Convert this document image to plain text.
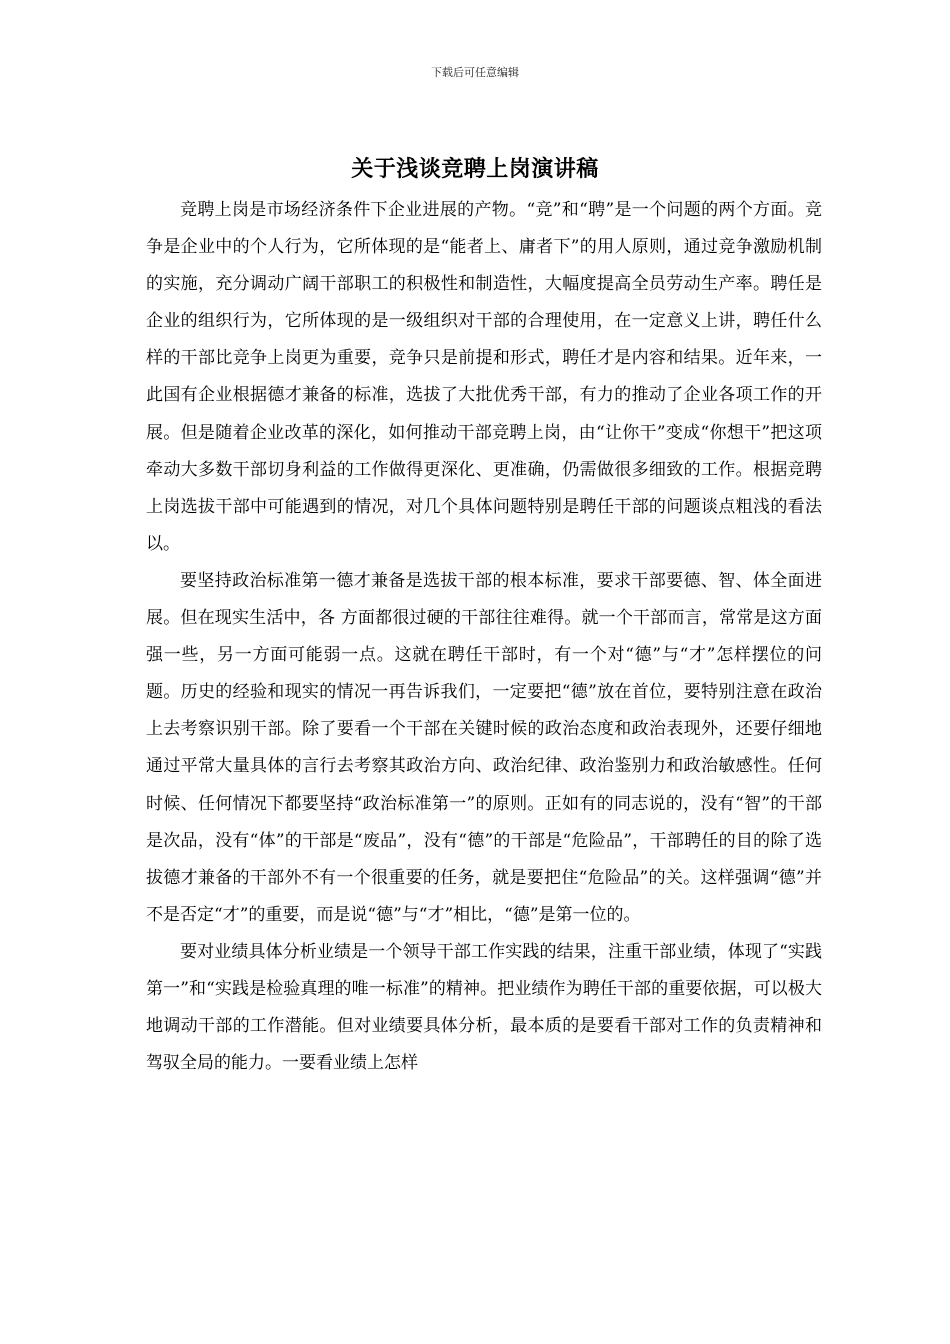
下载后可任意编辑
关于浅谈竞聘上岗演讲稿

竞聘上岗是市场经济条件下企业进展的产物。“竞”和“聘”是一个问题的两个方面。竞争是企业中的个人行为，它所体现的是“能者上、庸者下”的用人原则，通过竞争激励机制的实施，充分调动广阔干部职工的积极性和制造性，大幅度提高全员劳动生产率。聘任是企业的组织行为，它所体现的是一级组织对干部的合理使用，在一定意义上讲，聘任什么样的干部比竞争上岗更为重要，竞争只是前提和形式，聘任才是内容和结果。近年来，一此国有企业根据德才兼备的标准，选拔了大批优秀干部，有力的推动了企业各项工作的开展。但是随着企业改革的深化，如何推动干部竞聘上岗，由“让你干”变成“你想干”把这项牵动大多数干部切身利益的工作做得更深化、更准确，仍需做很多细致的工作。根据竞聘上岗选拔干部中可能遇到的情况，对几个具体问题特别是聘任干部的问题谈点粗浅的看法以。

要坚持政治标准第一德才兼备是选拔干部的根本标准，要求干部要德、智、体全面进展。但在现实生活中，各 方面都很过硬的干部往往难得。就一个干部而言，常常是这方面强一些，另一方面可能弱一点。这就在聘任干部时，有一个对“德”与“才”怎样摆位的问题。历史的经验和现实的情况一再告诉我们，一定要把“德”放在首位，要特别注意在政治上去考察识别干部。除了要看一个干部在关键时候的政治态度和政治表现外，还要仔细地通过平常大量具体的言行去考察其政治方向、政治纪律、政治鉴别力和政治敏感性。任何时候、任何情况下都要坚持“政治标准第一”的原则。正如有的同志说的，没有“智”的干部是次品，没有“体”的干部是“废品”，没有“德”的干部是“危险品”，干部聘任的目的除了选拔德才兼备的干部外不有一个很重要的任务，就是要把住“危险品”的关。这样强调“德”并不是否定“才”的重要，而是说“德”与“才”相比，“德”是第一位的。

要对业绩具体分析业绩是一个领导干部工作实践的结果，注重干部业绩，体现了“实践第一”和“实践是检验真理的唯一标准”的精神。把业绩作为聘任干部的重要依据，可以极大地调动干部的工作潜能。但对业绩要具体分析，最本质的是要看干部对工作的负责精神和驾驭全局的能力。一要看业绩上怎样
